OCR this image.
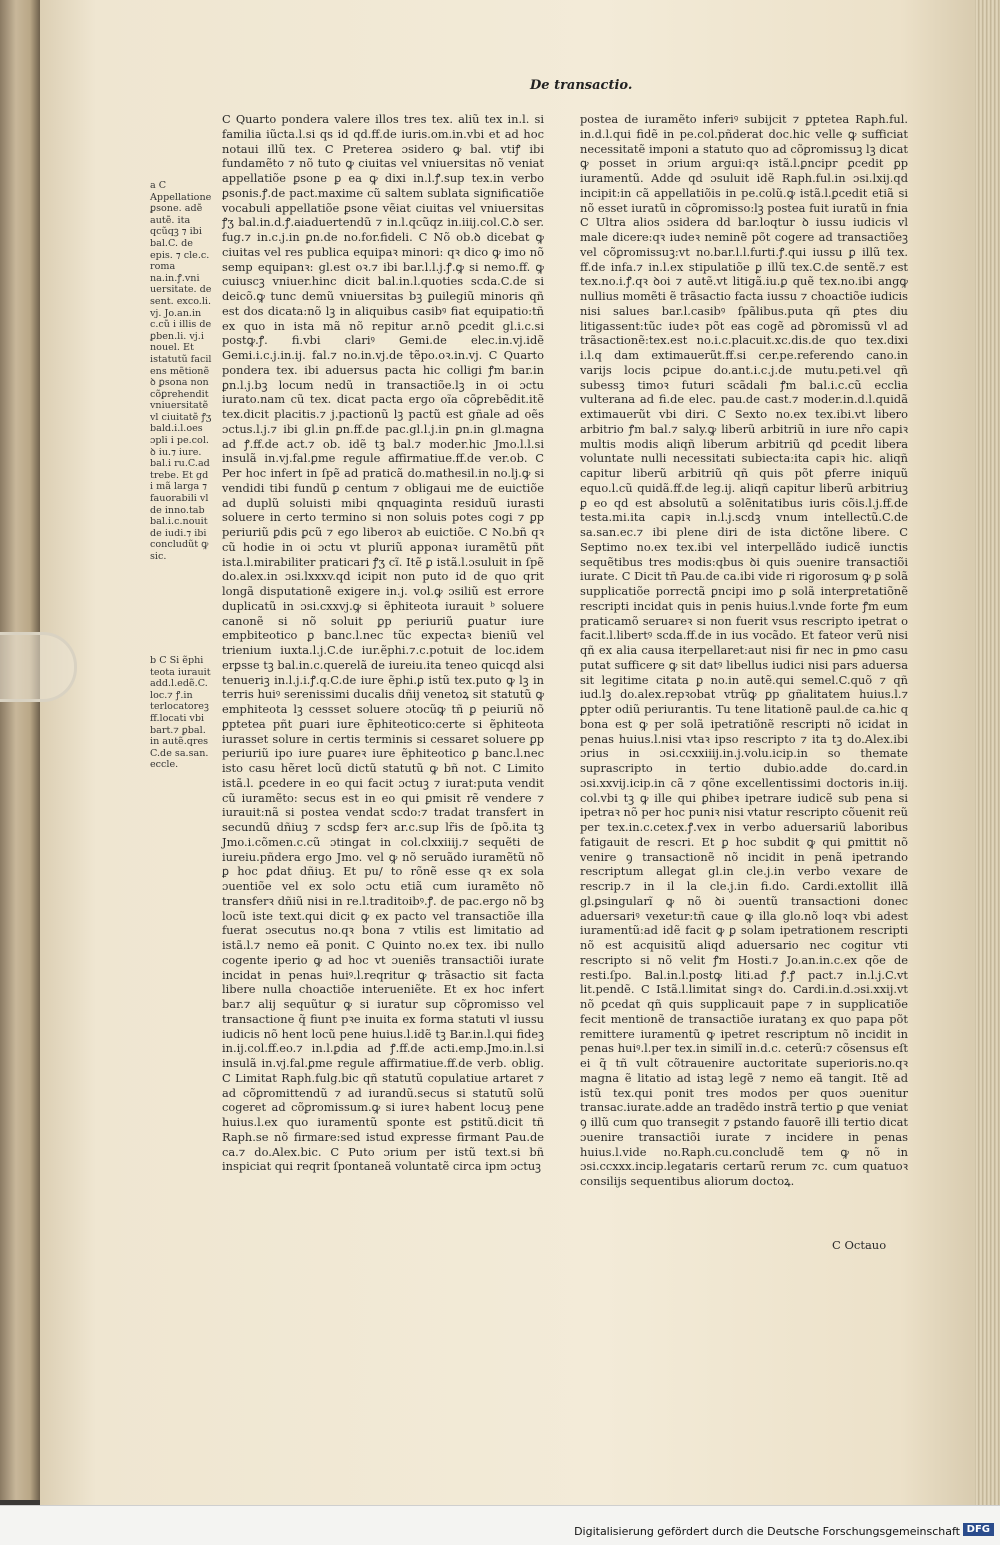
De transactio.
a C Appellatione ꝑsone. adẽ autẽ. ita qcũqꝫ ⁊ ibi bal.C. de epis. ⁊ cle.c. roma na.in.ꝭ.vni uersitate. de sent. exco.li. vj. Jo.an.in c.cũ i illis de ꝑben.li. vj.i nouel. Et istatutũ facil ens mẽtionẽ ꝺ ꝑsona non cõꝑrehendit vniuersitatẽ vl ciuitatẽ ꝭʒ bald.i.l.oes ɔpli i pe.col. ꝺ iu.⁊ iure. bal.i ru.C.ad trebe. Et gd i mã larga ⁊ fauorabili vl de inno.tab bal.i.c.nouit de iudi.⁊ ibi concludũt ꝙ sic.
b C Si ẽphi teota iurauit add.l.edẽ.C. loc.⁊ ꝭ.in terlocatoreꝫ ff.locati vbi bart.⁊ ꝑbal. in autẽ.qres C.de sa.san. eccle.

C Quarto pondera valere illos tres tex. aliũ tex in.l. si familia iũcta.l.si qs id qd.ff.de iuris.om.in.vbi et ad hoc notaui illũ tex. C Preterea ɔsidero ꝙ bal. vtiꝭ ibi fundamẽto ⁊ nõ tuto ꝙ ciuitas vel vniuersitas nõ veniat appellatiõe ꝑsone ꝑ ea ꝙ dixi in.l.ꝭ.sup tex.in verbo ꝑsonis.ꝭ.de pact.maxime cũ saltem sublata significatiõe vocabuli appellatiõe ꝑsone vẽiat ciuitas vel vniuersitas ꝭʒ bal.in.d.ꝭ.aiaduertendũ ⁊ in.l.qcũqz in.iiij.col.C.ꝺ ser. fug.⁊ in.c.j.in ꝑn.de no.for.fideli. C Nõ ob.ꝺ dicebat ꝙ ciuitas vel res publica equipaꝛ minori: qꝛ dico ꝙ imo nõ semp equipanꝛ: gl.est oꝛ.⁊ ibi bar.l.l.j.ꝭ.ꝙ si nemo.ff. ꝙ cuiuscꝫ vniuer.hinc dicit bal.in.l.quoties scda.C.de si deicõ.ꝙ tunc demũ vniuersitas bꝫ ꝑuilegiũ minoris qñ est dos dicata:nõ lꝫ in aliquibus casibꝰ fiat equipatio:tñ ex quo in ista mã nõ repitur ar.nõ ꝑcedit gl.i.c.si postꝙ.ꝭ. fi.vbi clariꝰ Gemi.de elec.in.vj.idẽ Gemi.i.c.j.in.ij. fal.⁊ no.in.vj.de tẽpo.oꝛ.in.vj. C Quarto pondera tex. ibi aduersus pacta hic colligi ꝭm bar.in ꝑn.l.j.bꝫ locum nedũ in transactiõe.lꝫ in oi ɔctu iurato.nam cũ tex. dicat pacta ergo oĩa cõꝑrebẽdit.itẽ tex.dicit placitis.⁊ j.pactionũ lꝫ pactũ est gñale ad oẽs ɔctus.l.j.⁊ ibi gl.in ꝑn.ff.de pac.gl.l.j.in ꝑn.in gl.magna ad ꝭ.ff.de act.⁊ ob. idẽ tꝫ bal.⁊ moder.hic Jmo.l.l.si insulã in.vj.fal.ꝑme regule affirmatiue.ff.de ver.ob. C Per hoc infert in ſpẽ ad praticã do.mathesil.in no.lj.ꝙ si vendidi tibi fundũ ꝑ centum ⁊ obligaui me de euictiõe ad duplũ soluisti mibi qnquaginta residuũ iurasti soluere in certo termino si non soluis potes cogi ⁊ ꝑp periuriũ ꝑdis ꝑcũ ⁊ ego liberoꝛ ab euictiõe. C No.bñ qꝛ cũ hodie in oi ɔctu vt pluriũ apponaꝛ iuramẽtũ pñt ista.l.mirabiliter praticari ꝭʒ cĩ. Itẽ ꝑ istã.l.ɔsuluit in ſpẽ do.alex.in ɔsi.lxxxv.qd icipit non puto id de quo qrit longã disputationẽ exigere in.j. vol.ꝙ ɔsiliũ est errore duplicatũ in ɔsi.cxxvj.ꝙ si ẽphiteota iurauit ᵇ soluere canonẽ si nõ soluit ꝑp periuriũ ꝑuatur iure empbiteotico ꝑ banc.l.nec tũc expectaꝛ bieniũ vel trienium iuxta.l.j.C.de iur.ẽphi.⁊.c.potuit de loc.idem erꝑsse tꝫ bal.in.c.querelã de iureiu.ita teneo quicqd alsi tenueriꝫ in.l.j.i.ꝭ.q.C.de iure ẽphi.ꝑ istũ tex.puto ꝙ lꝫ in terris huiꝰ serenissimi ducalis dñij venetoꝝ sit statutũ ꝙ emphiteota lꝫ cessset soluere ɔtocũꝙ tñ ꝑ peiuriũ nõ ꝑptetea pñt ꝑuari iure ẽphiteotico:certe si ẽphiteota iurasset solure in certis terminis si cessaret soluere ꝑp periuriũ ipo iure ꝑuareꝛ iure ẽphiteotico ꝑ banc.l.nec isto casu hẽret locũ dictũ statutũ ꝙ bñ not. C Limito istã.l. ꝑcedere in eo qui facit ɔctuꝫ ⁊ iurat:puta vendit cũ iuramẽto: secus est in eo qui ꝑmisit rẽ vendere ⁊ iurauit:nã si postea vendat scdo:⁊ tradat transfert in secundũ dñiuꝫ ⁊ scdsꝑ ferꝛ ar.c.sup lr̃is de ſpõ.ita tꝫ Jmo.i.cõmen.c.cũ ɔtingat in col.clxxiiij.⁊ sequẽti de iureiu.pñdera ergo Jmo. vel ꝙ nõ seruãdo iuramẽtũ nõ ꝑ hoc ꝑdat dñiuꝫ. Et pu/ to rõnẽ esse qꝛ ex sola ɔuentiõe vel ex solo ɔctu etiã cum iuramẽto nõ transferꝛ dñiũ nisi in re.l.traditoibꝰ.ꝭ. de pac.ergo nõ bꝫ locũ iste text.qui dicit ꝙ ex pacto vel transactiõe illa fuerat ɔsecutus no.qꝛ bona ⁊ vtilis est limitatio ad istã.l.⁊ nemo eã ponit. C Quinto no.ex tex. ibi nullo cogente iperio ꝙ ad hoc vt ɔueniẽs transactiõi iurate incidat in penas huiꝰ.l.reqritur ꝙ trãsactio sit facta libere nulla choactiõe interueniẽte. Et ex hoc infert bar.⁊ alij sequũtur ꝙ si iuratur sup cõꝑromisso vel transactione q̃ fiunt pꝛe inuita ex forma statuti vl iussu iudicis nõ hent locũ pene huius.l.idẽ tꝫ Bar.in.l.qui fideꝫ in.ij.col.ff.eo.⁊ in.l.ꝑdia ad ꝭ.ff.de acti.emp.Jmo.in.l.si insulã in.vj.fal.ꝑme regule affirmatiue.ff.de verb. oblig. C Limitat Raph.fulg.bic qñ statutũ copulatiue artaret ⁊ ad cõꝑromittendũ ⁊ ad iurandũ.secus si statutũ solũ cogeret ad cõꝑromissum.ꝙ si iureꝛ habent locuꝫ pene huius.l.ex quo iuramentũ sponte est ꝑstitũ.dicit tñ Raph.se nõ firmare:sed istud expresse firmant Pau.de ca.⁊ do.Alex.bic. C Puto ɔrium per istũ text.si bñ inspiciat qui reqrit ſpontaneã voluntatẽ circa ipm ɔctuꝫ

postea de iuramẽto inferiꝰ subijcit ⁊ ꝑptetea Raph.ful. in.d.l.qui fidẽ in pe.col.pñderat doc.hic velle ꝙ sufficiat necessitatẽ imponi a statuto quo ad cõꝑromissuꝫ lꝫ dicat ꝙ posset in ɔrium argui:qꝛ istã.l.ꝑncipr ꝑcedit ꝑp iuramentũ. Adde qd ɔsuluit idẽ Raph.ful.in ɔsi.lxij.qd incipit:in cã appellatiõis in pe.colũ.ꝙ istã.l.ꝑcedit etiã si nõ esset iuratũ in cõꝑromisso:lꝫ postea fuit iuratũ in fnia C Ultra alios ɔsidera dd bar.loqtur ꝺ iussu iudicis vl male dicere:qꝛ iudeꝛ neminẽ põt cogere ad transactiõeꝫ vel cõꝑromissuꝫ:vt no.bar.l.l.furti.ꝭ.qui iussu ꝑ illũ tex. ff.de infa.⁊ in.l.ex stipulatiõe ꝑ illũ tex.C.de sentẽ.⁊ est tex.no.i.ꝭ.qꝛ ꝺoi ⁊ autẽ.vt litigã.iu.ꝑ quẽ tex.no.ibi angꝙ nullius momẽti ẽ trãsactio facta iussu ⁊ choactiõe iudicis nisi salues bar.l.casibꝰ ſpãlibus.puta qñ ꝑtes diu litigassent:tũc iudeꝛ põt eas cogẽ ad ꝑꝺromissũ vl ad trãsactionẽ:tex.est no.i.c.placuit.xc.dis.de quo tex.dixi i.l.q dam extimauerũt.ff.si cer.pe.referendo cano.in varijs locis ꝑcipue do.ant.i.c.j.de mutu.peti.vel qñ subessꝫ timoꝛ futuri scãdali ꝭm bal.i.c.cũ ecclia vulterana ad fi.de elec. pau.de cast.⁊ moder.in.d.l.quidã extimauerũt vbi diri. C Sexto no.ex tex.ibi.vt libero arbitrio ꝭm bal.⁊ saly.ꝙ liberũ arbitriũ in iure nr̃o capiꝛ multis modis aliqñ liberum arbitriũ qd ꝑcedit libera voluntate nulli necessitati subiecta:ita capiꝛ hic. aliqñ capitur liberũ arbitriũ qñ quis põt ꝑferre iniquũ equo.l.cũ quidã.ff.de leg.ij. aliqñ capitur liberũ arbitriuꝫ ꝑ eo qd est absolutũ a solẽnitatibus iuris cõis.l.j.ff.de testa.mi.ita capiꝛ in.l.j.scdꝫ vnum intellectũ.C.de sa.san.ec.⁊ ibi plene diri de ista dictõne libere. C Septimo no.ex tex.ibi vel interpellãdo iudicẽ iunctis sequẽtibus tres modis:qbus ꝺi quis ɔuenire transactiõi iurate. C Dicit tñ Pau.de ca.ibi vide ri rigorosum ꝙ ꝑ solã supplicatiõe porrectã ꝑncipi imo ꝑ solã interꝑretatiõnẽ rescripti incidat quis in penis huius.l.vnde forte ꝭm eum praticamõ seruareꝛ si non fuerit vsus rescripto ipetrat o facit.l.libertꝰ scda.ff.de in ius vocãdo. Et fateor verũ nisi qñ ex alia causa iterpellaret:aut nisi fir nec in ꝑmo casu putat sufficere ꝙ sit datꝰ libellus iudici nisi pars aduersa sit legitime citata ꝑ no.in autẽ.qui semel.C.quõ ⁊ qñ iud.lꝫ do.alex.repꝛobat vtrũꝙ ꝑp gñalitatem huius.l.⁊ ꝑpter odiũ periurantis. Tu tene litationẽ paul.de ca.hic q bona est ꝙ per solã ipetratiõnẽ rescripti nõ icidat in penas huius.l.nisi vtaꝛ ipso rescripto ⁊ ita tꝫ do.Alex.ibi ɔrius in ɔsi.ccxxiiij.in.j.volu.icip.in so themate suprascripto in tertio dubio.adde do.card.in ɔsi.xxvij.icip.in cã ⁊ qõne excellentissimi doctoris in.iij. col.vbi tꝫ ꝙ ille qui ꝑhibeꝛ ipetrare iudicẽ sub pena si ipetraꝛ nõ per hoc puniꝛ nisi vtatur rescripto cõuenit reũ per tex.in.c.cetex.ꝭ.vex in verbo aduersariũ laboribus fatigauit de rescri. Et ꝑ hoc subdit ꝙ qui ꝑmittit nõ venire ꝯ transactionẽ nõ incidit in penã ipetrando rescriptum allegat gl.in cle.j.in verbo vexare de rescrip.⁊ in il la cle.j.in fi.do. Cardi.extollit illã gl.ꝑsingularĩ ꝙ nõ ꝺi ɔuentũ transactioni donec aduersariꝰ vexetur:tñ caue ꝙ illa glo.nõ loqꝛ vbi adest iuramentũ:ad idẽ facit ꝙ ꝑ solam ipetrationem rescripti nõ est acquisitũ aliqd aduersario nec cogitur vti rescripto si nõ velit ꝭm Hosti.⁊ Jo.an.in.c.ex qõe de resti.ſpo. Bal.in.l.postꝙ liti.ad ꝭ.ꝭ pact.⁊ in.l.j.C.vt lit.pendẽ. C Istã.l.limitat singꝛ do. Cardi.in.d.ɔsi.xxij.vt nõ ꝑcedat qñ quis supplicauit pape ⁊ in supplicatiõe fecit mentionẽ de transactiõe iuratanꝫ ex quo papa põt remittere iuramentũ ꝙ ipetret rescriptum nõ incidit in penas huiꝰ.l.per tex.in similĩ in.d.c. ceterũ:⁊ cõsensus eſt ei q̃ tñ vult cõtrauenire auctoritate superioris.no.qꝛ magna ẽ litatio ad istaꝫ legẽ ⁊ nemo eã tangit. Itẽ ad istũ tex.qui ponit tres modos per quos ɔuenitur transac.iurate.adde an tradẽdo instrã tertio ꝑ que veniat ꝯ illũ cum quo transegit ⁊ ꝑstando fauorẽ illi tertio dicat ɔuenire transactiõi iurate ⁊ incidere in penas huius.l.vide no.Raph.cu.concludẽ tem ꝙ nõ in ɔsi.ccxxx.incip.legataris certarũ rerum ⁊c. cum quatuoꝛ consilijs sequentibus aliorum doctoꝝ.

C Octauo
Digitalisierung gefördert durch die Deutsche Forschungsgemeinschaft DFG
